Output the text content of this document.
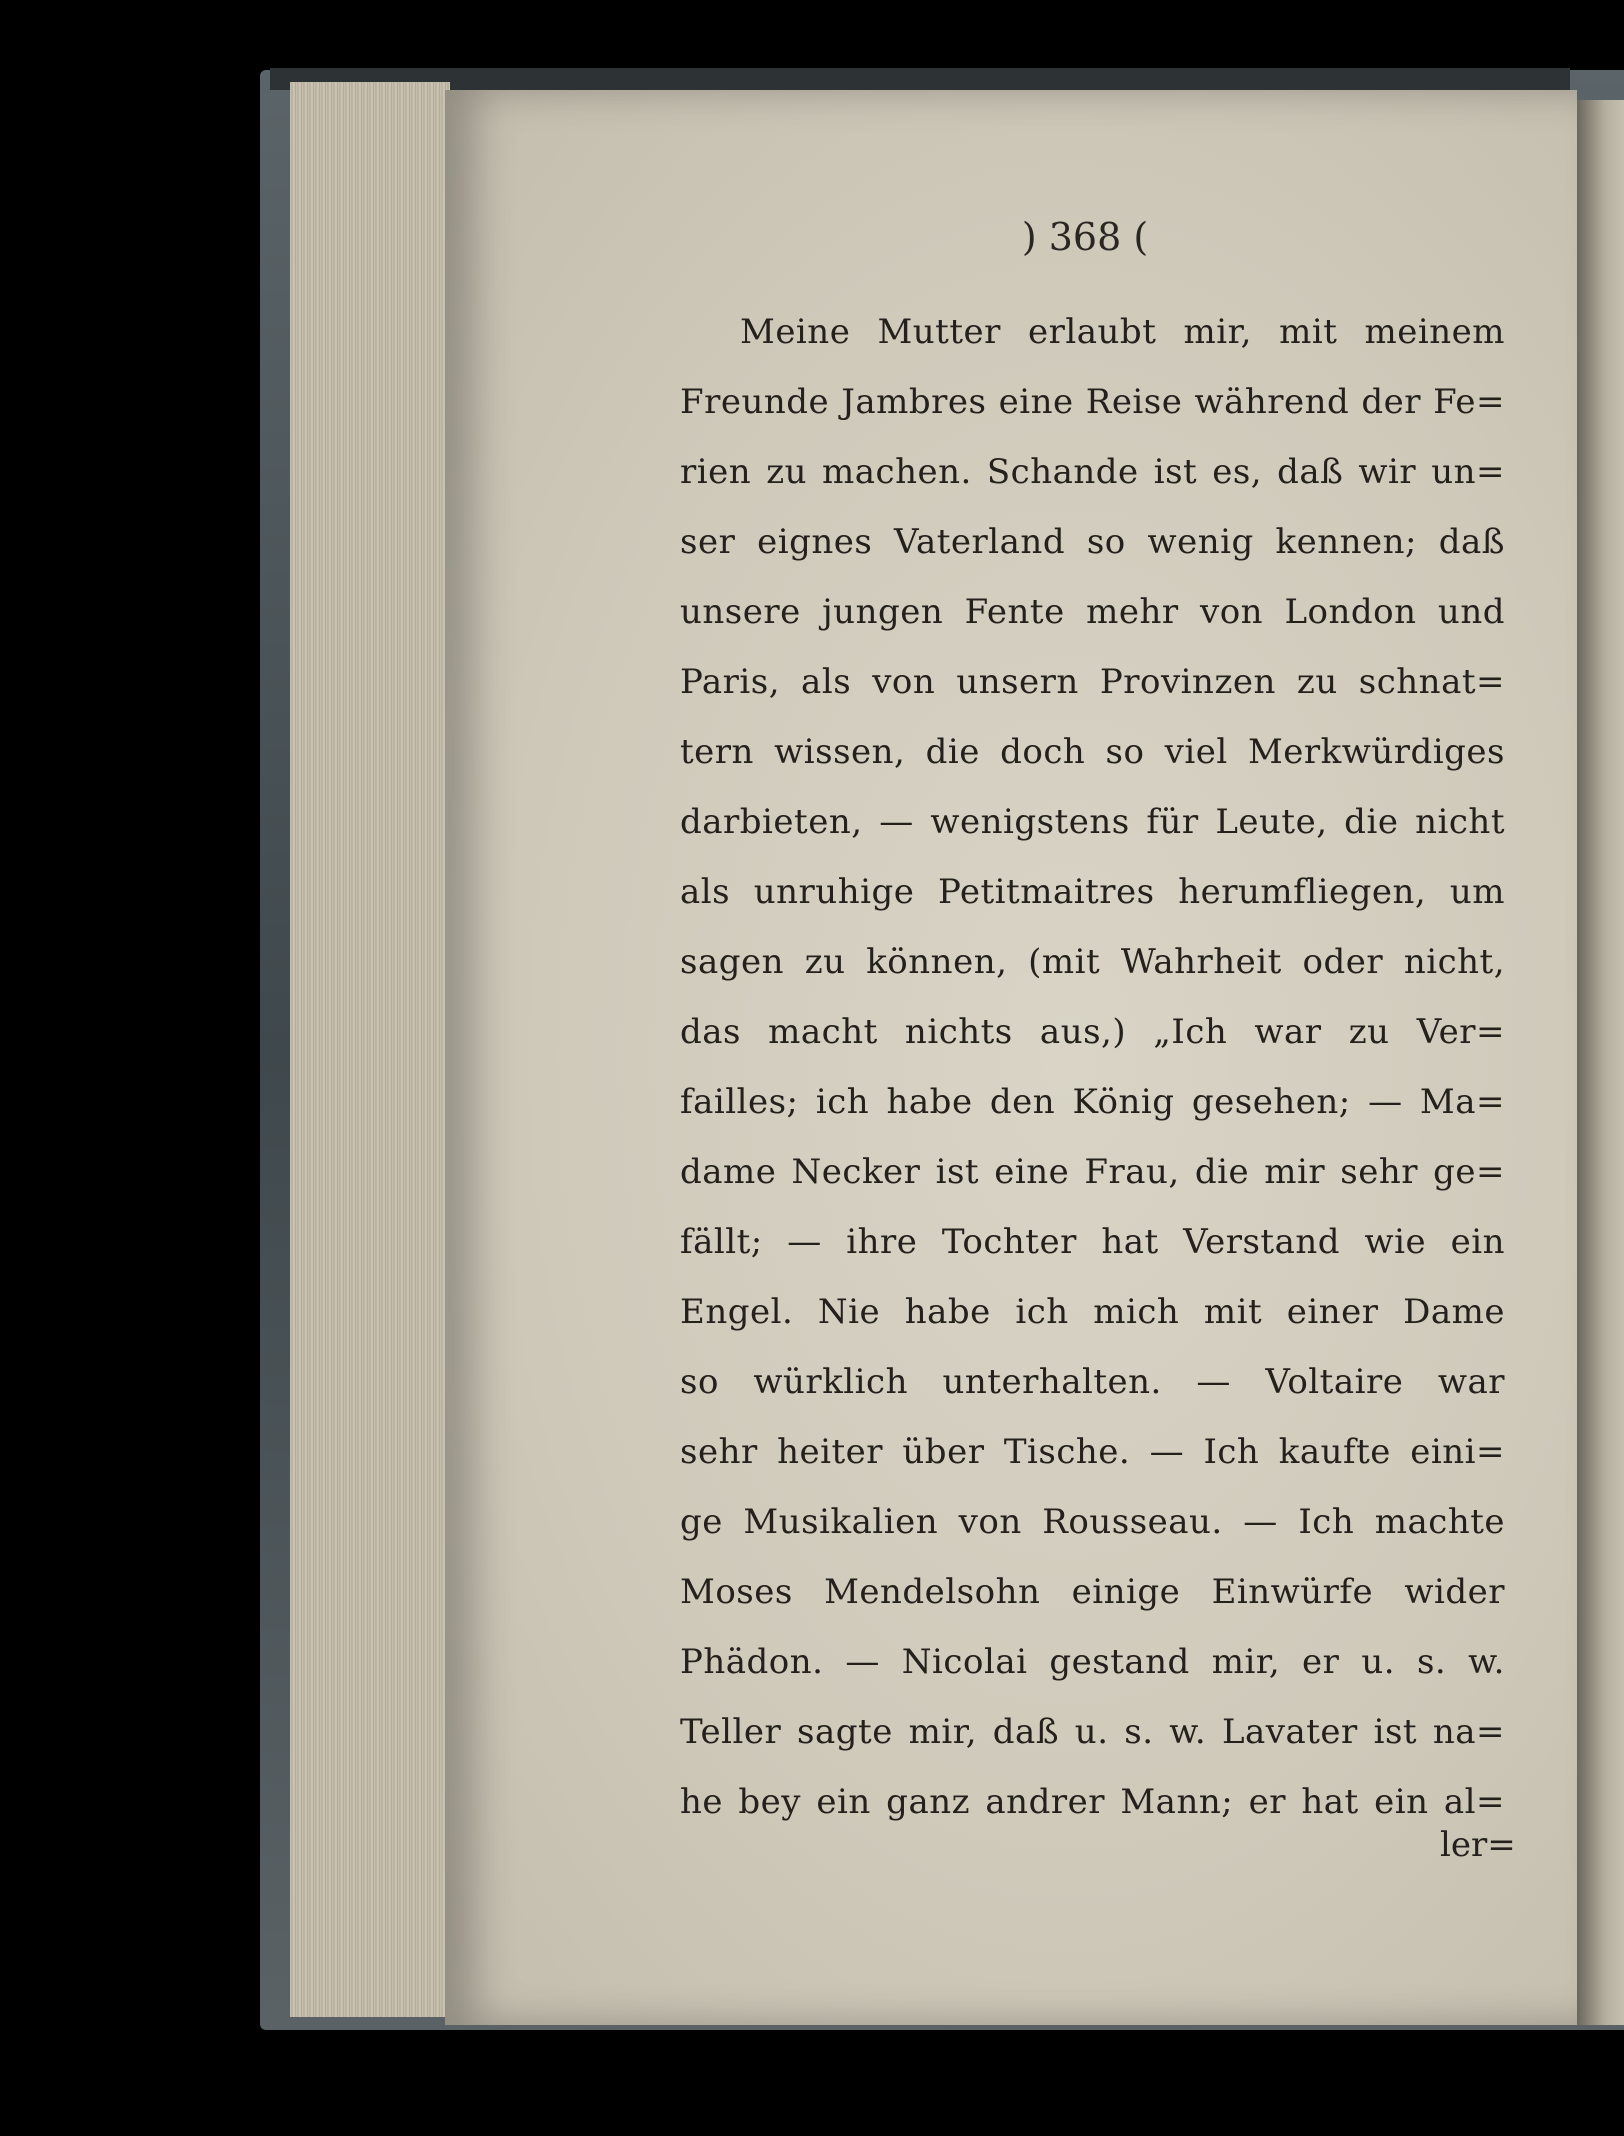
) 368 (
Meine Mutter erlaubt mir, mit meinem
Freunde Jambres eine Reise während der Fe=
rien zu machen. Schande ist es, daß wir un=
ser eignes Vaterland so wenig kennen; daß
unsere jungen Fente mehr von London und
Paris, als von unsern Provinzen zu schnat=
tern wissen, die doch so viel Merkwürdiges
darbieten, — wenigstens für Leute, die nicht
als unruhige Petitmaitres herumfliegen, um
sagen zu können, (mit Wahrheit oder nicht,
das macht nichts aus,) „Ich war zu Ver=
failles; ich habe den König gesehen; — Ma=
dame Necker ist eine Frau, die mir sehr ge=
fällt; — ihre Tochter hat Verstand wie ein
Engel. Nie habe ich mich mit einer Dame
so würklich unterhalten. — Voltaire war
sehr heiter über Tische. — Ich kaufte eini=
ge Musikalien von Rousseau. — Ich machte
Moses Mendelsohn einige Einwürfe wider
Phädon. — Nicolai gestand mir, er u. s. w.
Teller sagte mir, daß u. s. w. Lavater ist na=
he bey ein ganz andrer Mann; er hat ein al=
ler=
